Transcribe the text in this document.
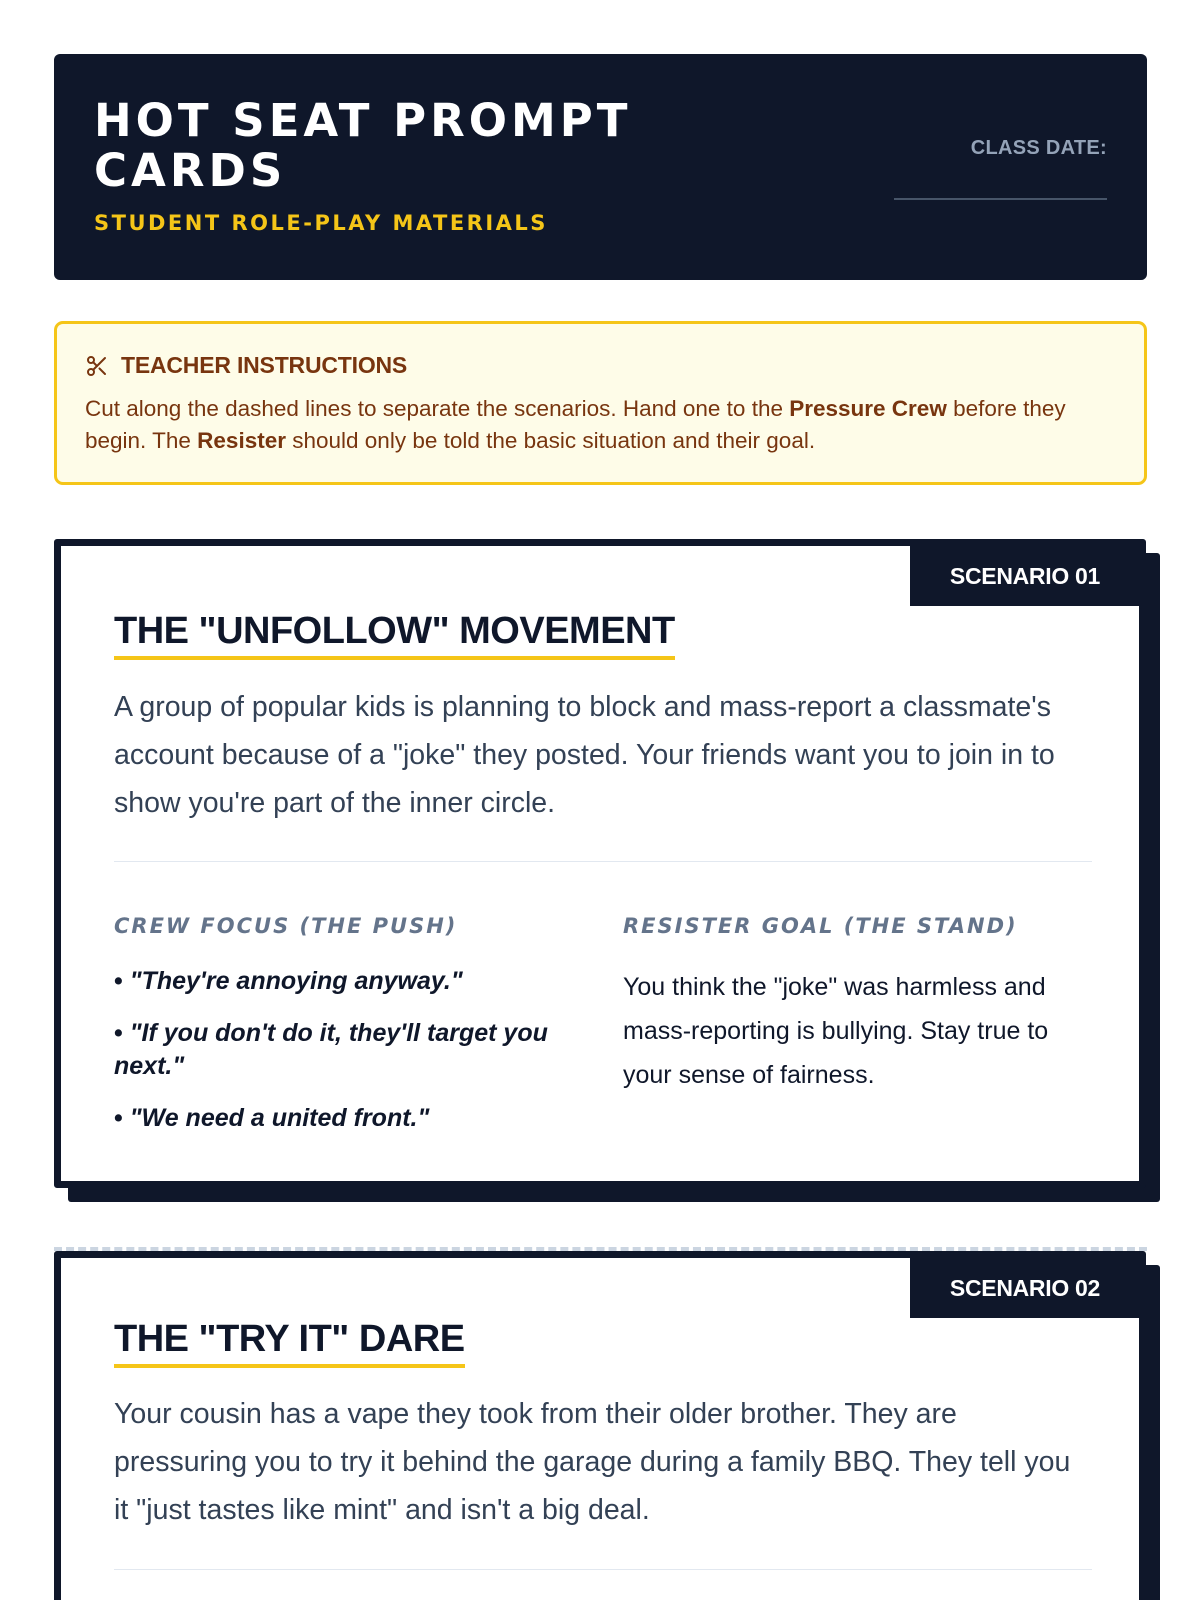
HOT SEAT PROMPT CARDS
STUDENT ROLE-PLAY MATERIALS
CLASS DATE:
TEACHER INSTRUCTIONS
Cut along the dashed lines to separate the scenarios. Hand one to the Pressure Crew before they begin. The Resister should only be told the basic situation and their goal.
SCENARIO 01
THE "UNFOLLOW" MOVEMENT
A group of popular kids is planning to block and mass-report a classmate's account because of a "joke" they posted. Your friends want you to join in to show you're part of the inner circle.
CREW FOCUS (THE PUSH)
• "They're annoying anyway."
• "If you don't do it, they'll target you next."
• "We need a united front."
RESISTER GOAL (THE STAND)
You think the "joke" was harmless and mass-reporting is bullying. Stay true to your sense of fairness.
SCENARIO 02
THE "TRY IT" DARE
Your cousin has a vape they took from their older brother. They are pressuring you to try it behind the garage during a family BBQ. They tell you it "just tastes like mint" and isn't a big deal.
